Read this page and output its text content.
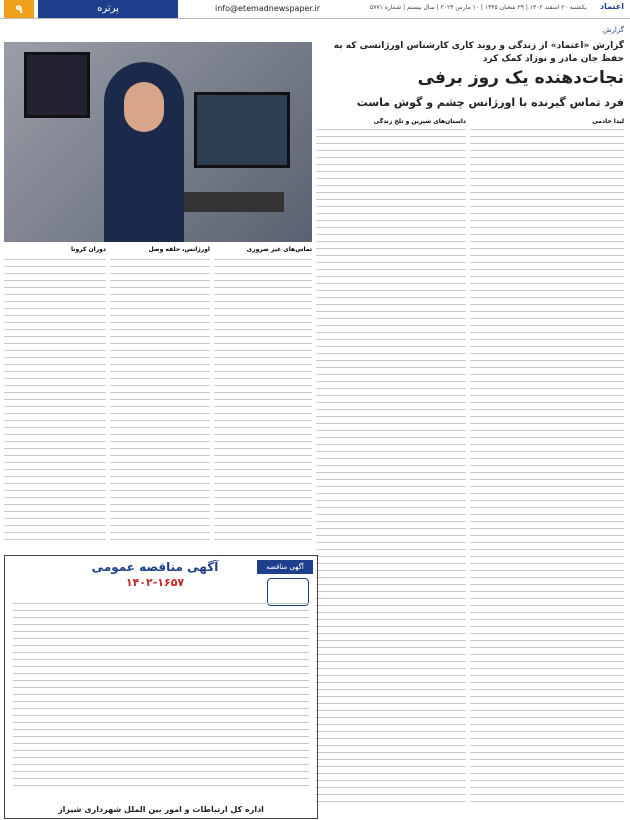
۹	پرتره	info@etemadnewspaper.ir	یکشنبه ۲۰ اسفند ۱۴۰۲ | ۲۹ شعبان ۱۴۴۵ | ۱۰ مارس ۲۰۲۴ | سال بیستم | شماره ۵۷۷۱ اعتماد
گزارش
گزارش «اعتماد» از زندگی و روند کاری کارشناس اورژانسی که به حفظ جان مادر و نوزاد کمک کرد
نجات‌دهنده یک روز برفی
فرد تماس گیرنده با اورژانس چشم و گوش ماست

لیدا خادمی

داستان‌های شیرین و تلخ زندگی

تماس‌های غیر ضروری

اورژانس، حلقه وصل

دوران کرونا

آگهی مناقصه
آگهی مناقصه عمومی
۱۴۰۲-۱۶۵۷
اداره کل ارتباطات و امور بین الملل شهرداری شیراز
